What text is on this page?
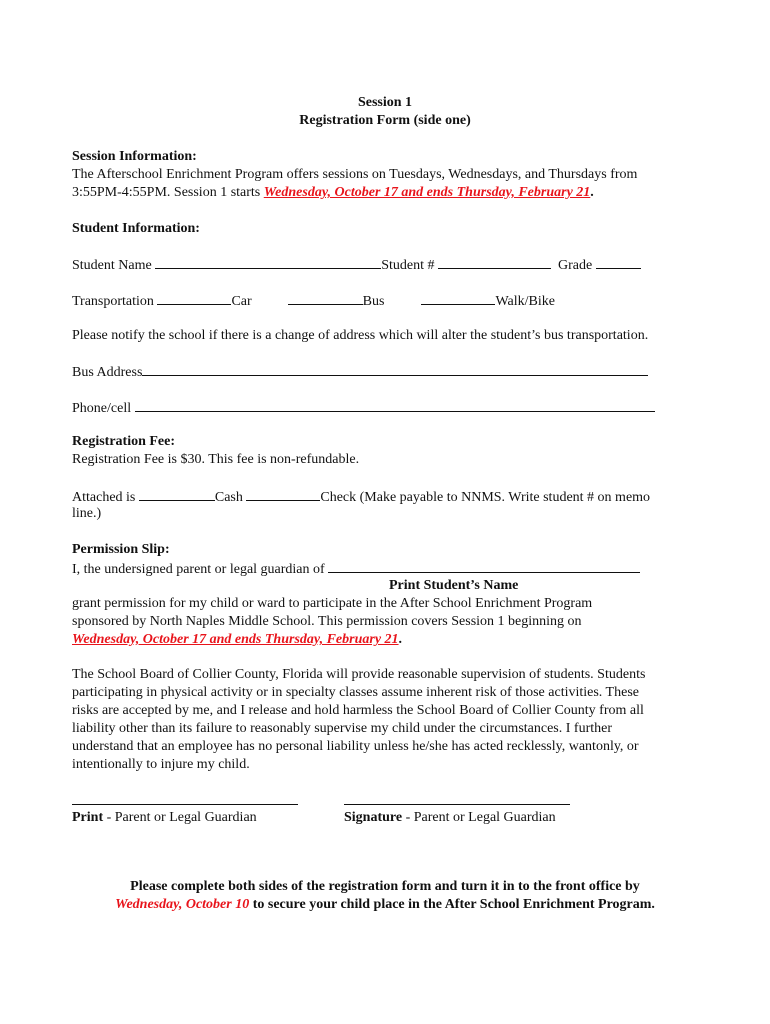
Session 1
Registration Form (side one)
Session Information:
The Afterschool Enrichment Program offers sessions on Tuesdays, Wednesdays, and Thursdays from
3:55PM-4:55PM. Session 1 starts Wednesday, October 17 and ends Thursday, February 21.
Student Information:
Student Name	Student #	Grade
Transportation	Car	Bus	Walk/Bike
Please notify the school if there is a change of address which will alter the student’s bus transportation.
Bus Address
Phone/cell
Registration Fee:
Registration Fee is $30. This fee is non-refundable.
Attached is	Cash	Check (Make payable to NNMS. Write student # on memo
line.)
Permission Slip:
I, the undersigned parent or legal guardian of
Print Student’s Name
grant permission for my child or ward to participate in the After School Enrichment Program
sponsored by North Naples Middle School. This permission covers Session 1 beginning on
Wednesday, October 17 and ends Thursday, February 21.
The School Board of Collier County, Florida will provide reasonable supervision of students. Students
participating in physical activity or in specialty classes assume inherent risk of those activities. These
risks are accepted by me, and I release and hold harmless the School Board of Collier County from all
liability other than its failure to reasonably supervise my child under the circumstances. I further
understand that an employee has no personal liability unless he/she has acted recklessly, wantonly, or
intentionally to injure my child.
Print - Parent or Legal Guardian	Signature - Parent or Legal Guardian
Please complete both sides of the registration form and turn it in to the front office by
Wednesday, October 10 to secure your child place in the After School Enrichment Program.
